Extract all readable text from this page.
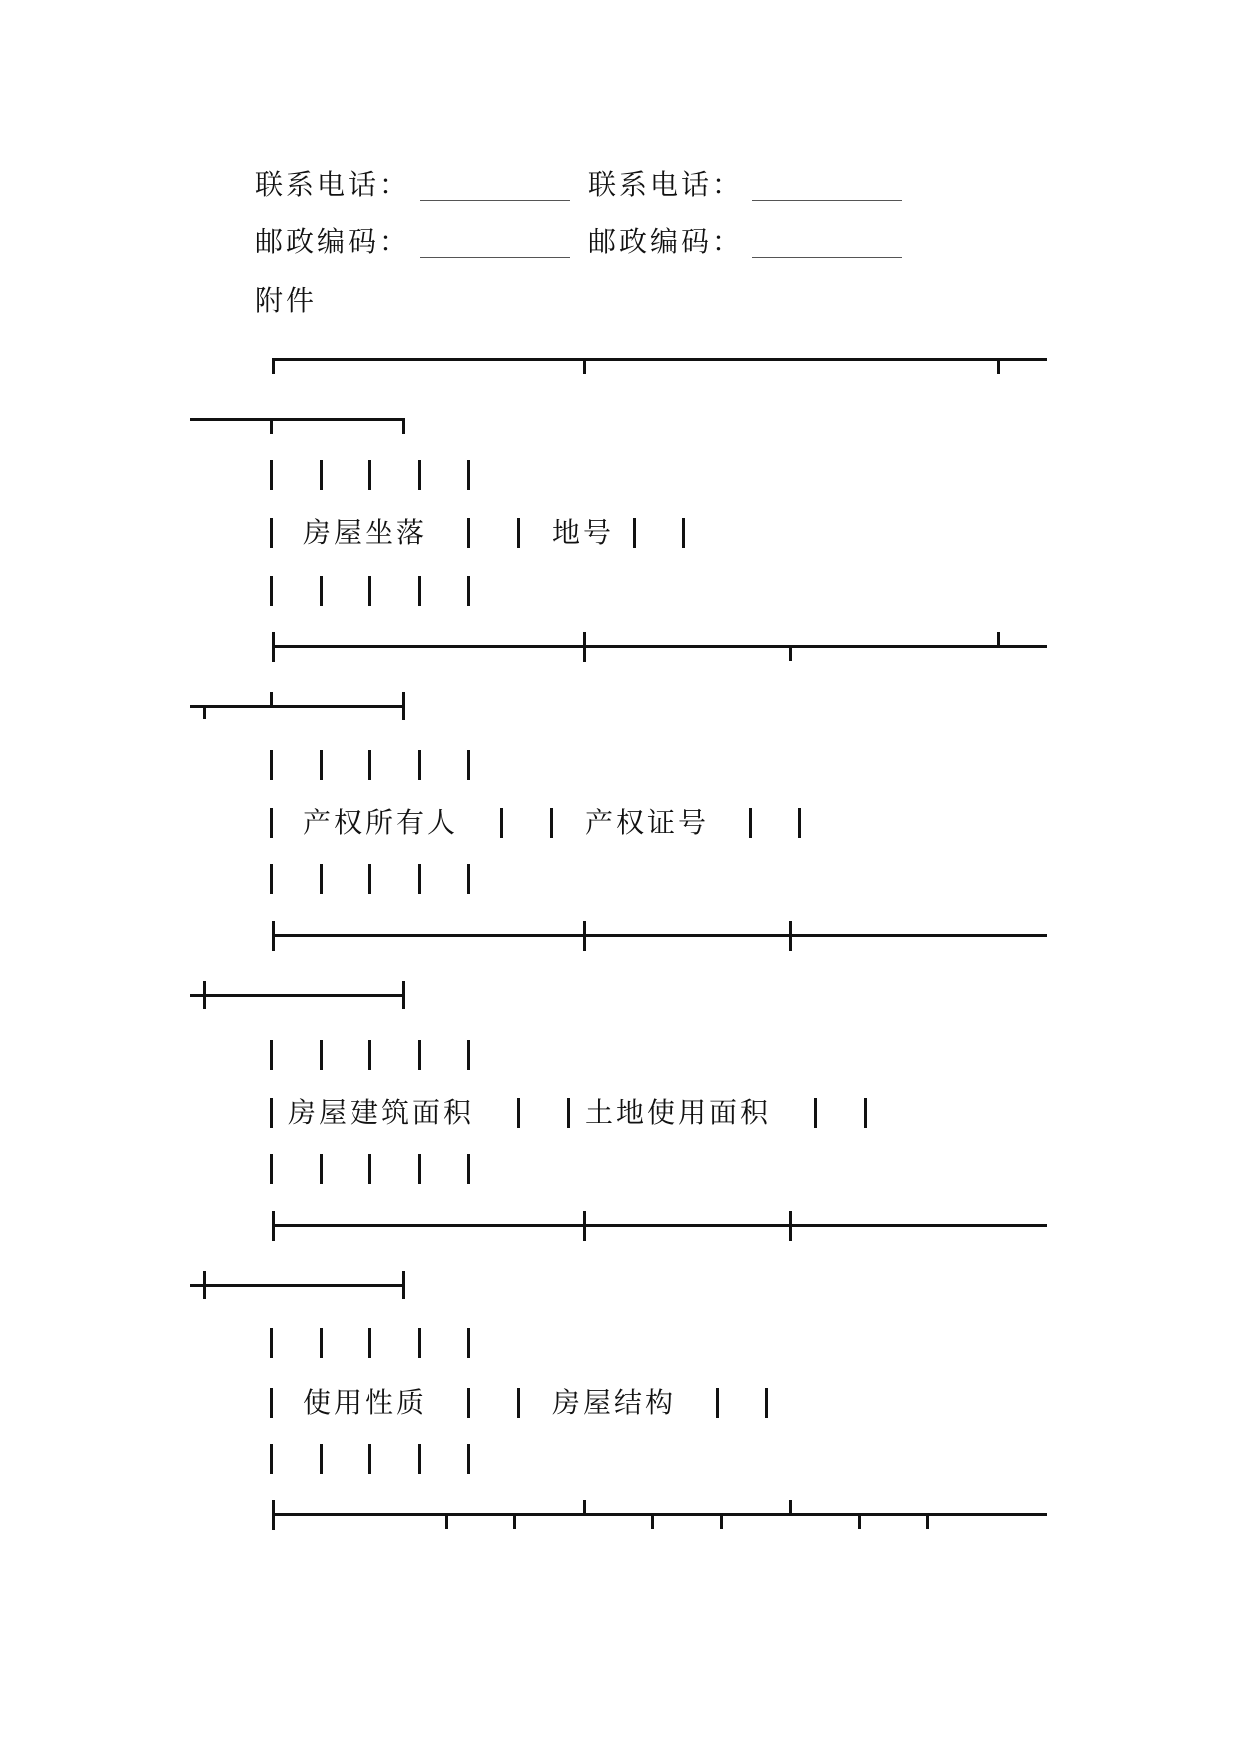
联系电话：	联系电话：
邮政编码：	邮政编码：
附件
房屋坐落	地号
产权所有人	产权证号
房屋建筑面积	土地使用面积
使用性质	房屋结构
